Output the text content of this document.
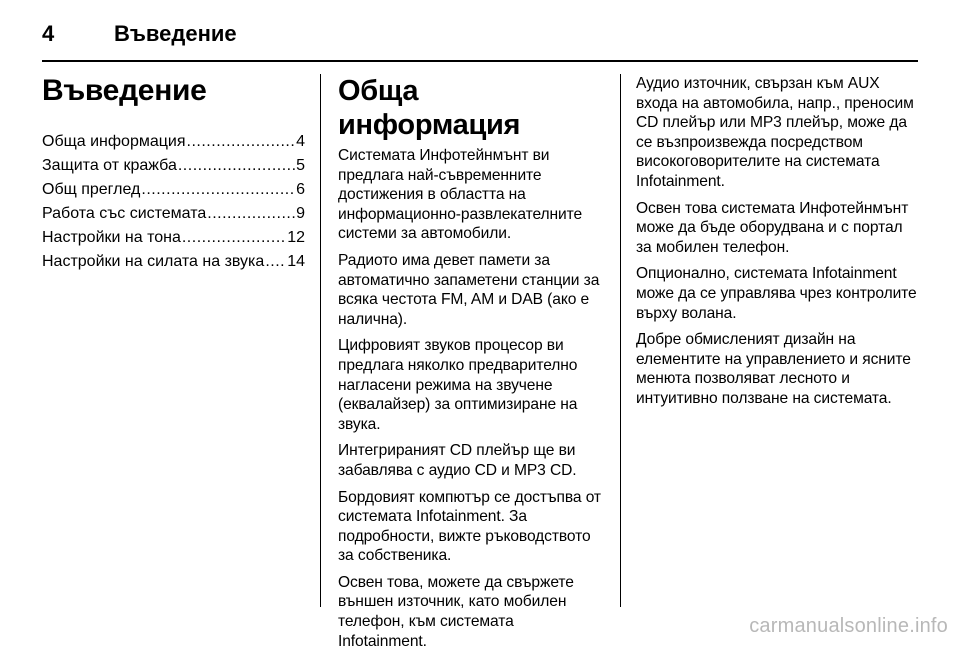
4	Въведение
Въведение
Обща информация .....	4
Защита от кражба .....	5
Общ преглед .....	6
Работа със системата .....	9
Настройки на тона .....	12
Настройки на силата на звука ..... 14
Обща информация

Системата Инфотейнмънт ви предлага най-съвременните достижения в областта на информационно-развлекателните системи за автомобили.

Радиото има девет памети за автоматично запаметени станции за всяка честота FM, AM и DAB (ако е налична).

Цифровият звуков процесор ви предлага няколко предварително нагласени режима на звучене (еквалайзер) за оптимизиране на звука.

Интегрираният CD плейър ще ви забавлява с аудио CD и MP3 CD.

Бордовият компютър се достъпва от системата Infotainment. За подробности, вижте ръководството за собственика.

Освен това, можете да свържете външен източник, като мобилен телефон, към системата Infotainment.

Аудио източник, свързан към AUX входа на автомобила, напр., преносим CD плейър или MP3 плейър, може да се възпроизвежда посредством високоговорителите на системата Infotainment.

Освен това системата Инфотейнмънт може да бъде оборудвана и с портал за мобилен телефон.

Опционално, системата Infotainment може да се управлява чрез контролите върху волана.

Добре обмисленият дизайн на елементите на управлението и ясните менюта позволяват лесното и интуитивно ползване на системата.

carmanualsonline.info
